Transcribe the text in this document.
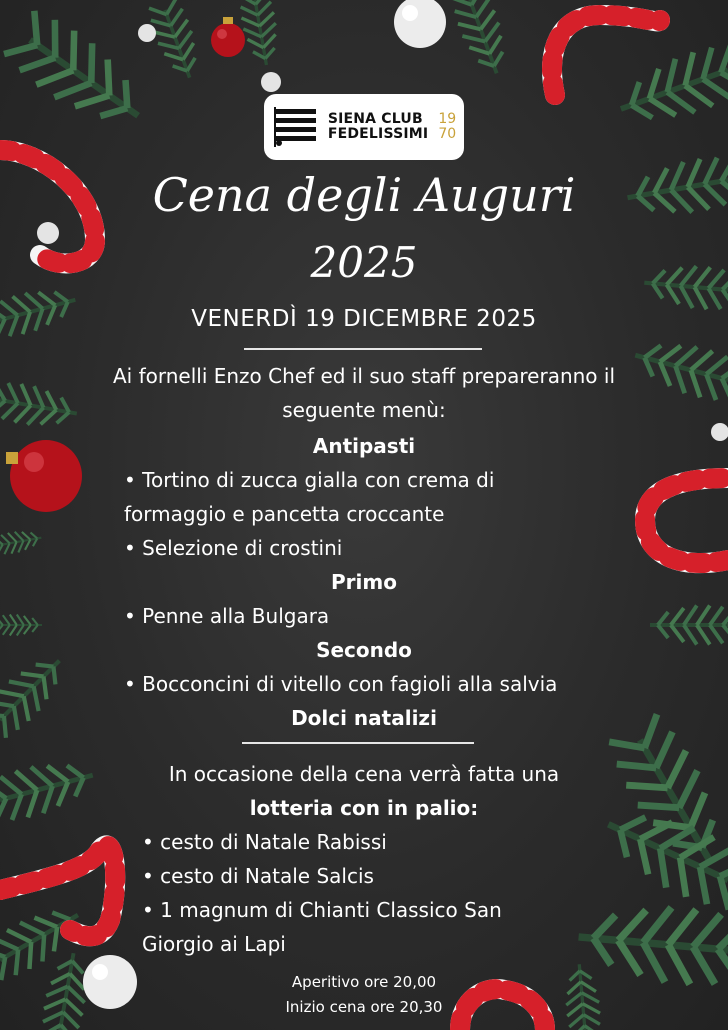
SIENA CLUB
FEDELISSIMI
19
70
Cena degli Auguri
2025
VENERDÌ 19 DICEMBRE 2025
Ai fornelli Enzo Chef ed il suo staff prepareranno il
seguente menù:
Antipasti
• Tortino di zucca gialla con crema di
formaggio e pancetta croccante
• Selezione di crostini
Primo
• Penne alla Bulgara
Secondo
• Bocconcini di vitello con fagioli alla salvia
Dolci natalizi
In occasione della cena verrà fatta una
lotteria con in palio:
• cesto di Natale Rabissi
• cesto di Natale Salcis
• 1 magnum di Chianti Classico San
Giorgio ai Lapi
Aperitivo ore 20,00
Inizio cena ore 20,30
